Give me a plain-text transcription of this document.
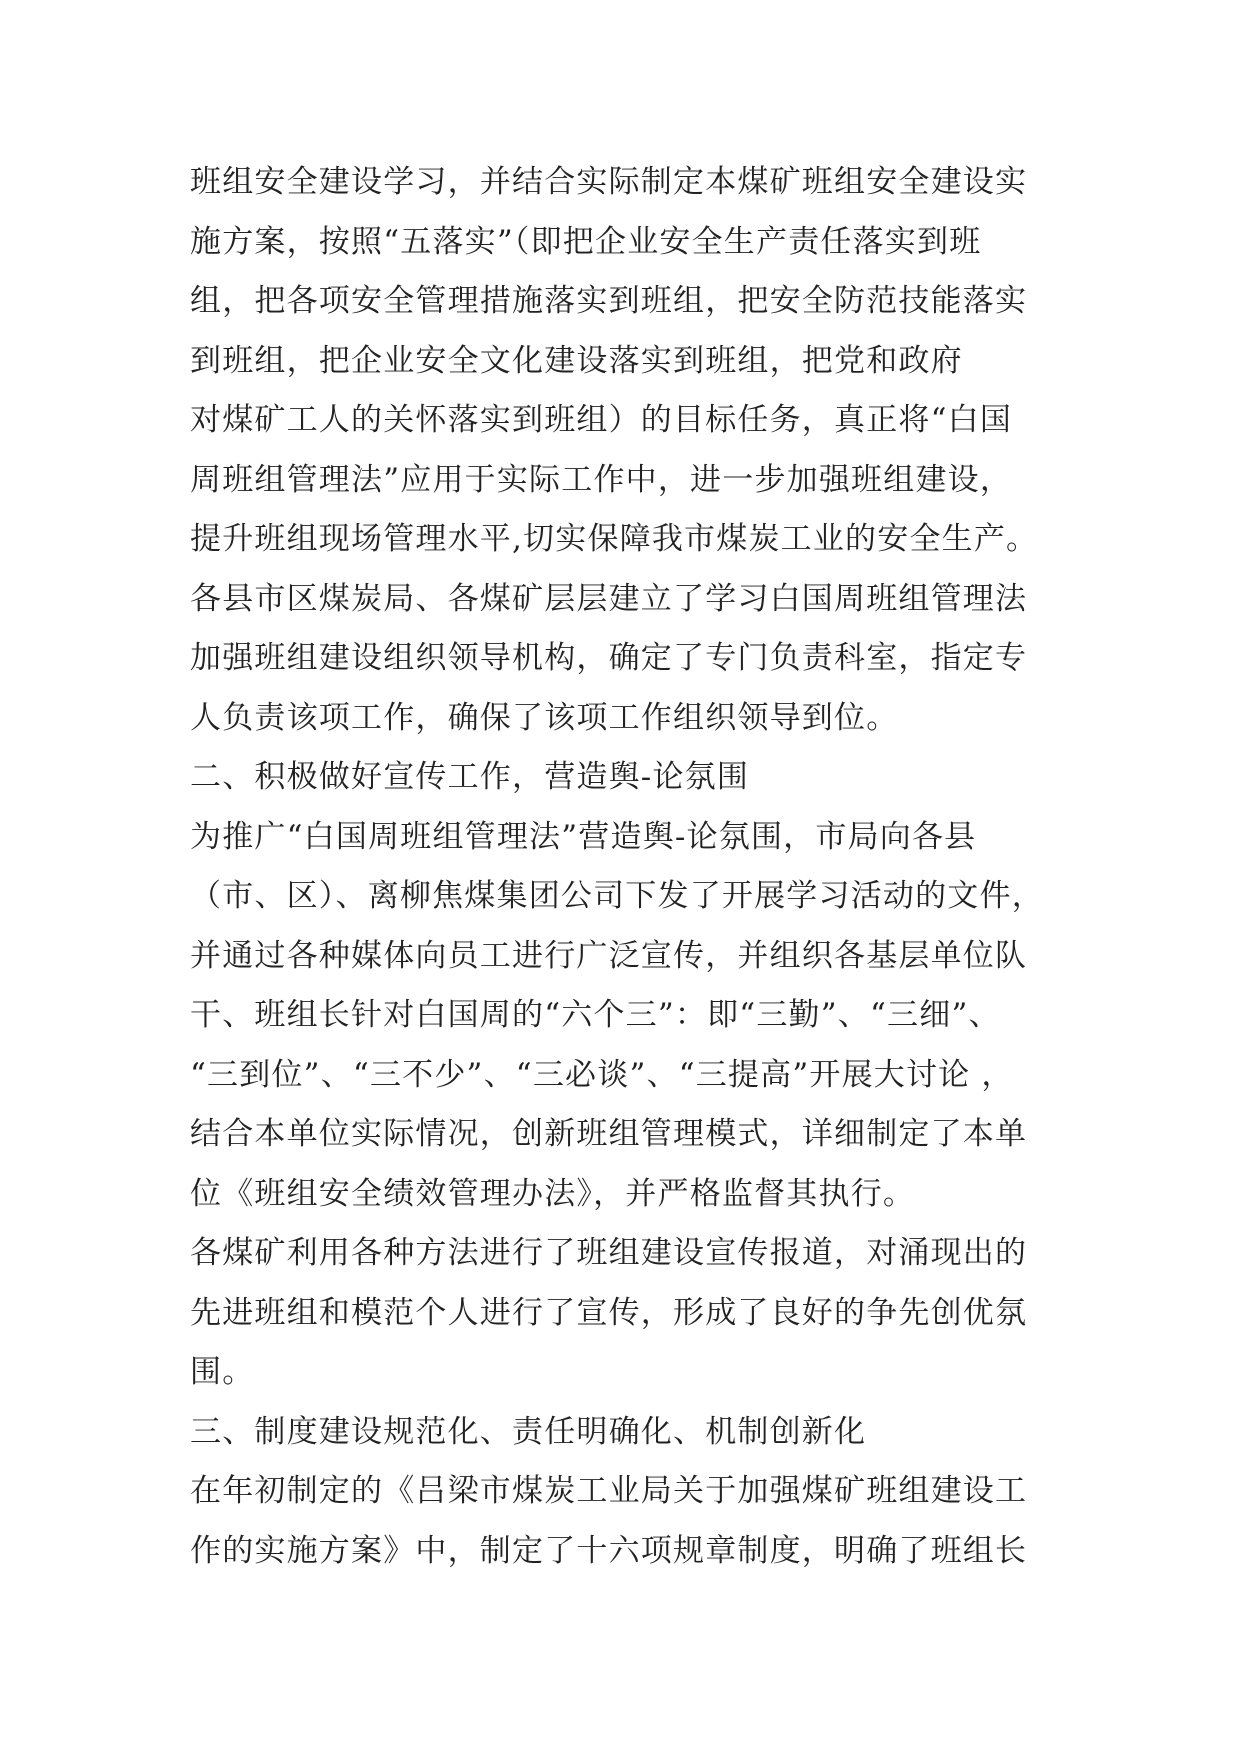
班组安全建设学习，并结合实际制定本煤矿班组安全建设实
施方案，按照“五落实”（即把企业安全生产责任落实到班
组，把各项安全管理措施落实到班组，把安全防范技能落实
到班组，把企业安全文化建设落实到班组，把党和政府
对煤矿工人的关怀落实到班组）的目标任务，真正将“白国
周班组管理法”应用于实际工作中，进一步加强班组建设，
提升班组现场管理水平,切实保障我市煤炭工业的安全生产。
各县市区煤炭局、各煤矿层层建立了学习白国周班组管理法
加强班组建设组织领导机构，确定了专门负责科室，指定专
人负责该项工作，确保了该项工作组织领导到位。
二、积极做好宣传工作，营造舆-论氛围
为推广“白国周班组管理法”营造舆-论氛围，市局向各县
（市、区）、离柳焦煤集团公司下发了开展学习活动的文件，
并通过各种媒体向员工进行广泛宣传，并组织各基层单位队
干、班组长针对白国周的“六个三”：即“三勤”、“三细”、
“三到位”、“三不少”、“三必谈”、“三提高”开展大讨论 ，
结合本单位实际情况，创新班组管理模式，详细制定了本单
位《班组安全绩效管理办法》，并严格监督其执行。
各煤矿利用各种方法进行了班组建设宣传报道，对涌现出的
先进班组和模范个人进行了宣传，形成了良好的争先创优氛
围。
三、制度建设规范化、责任明确化、机制创新化
在年初制定的《吕梁市煤炭工业局关于加强煤矿班组建设工
作的实施方案》中，制定了十六项规章制度，明确了班组长
